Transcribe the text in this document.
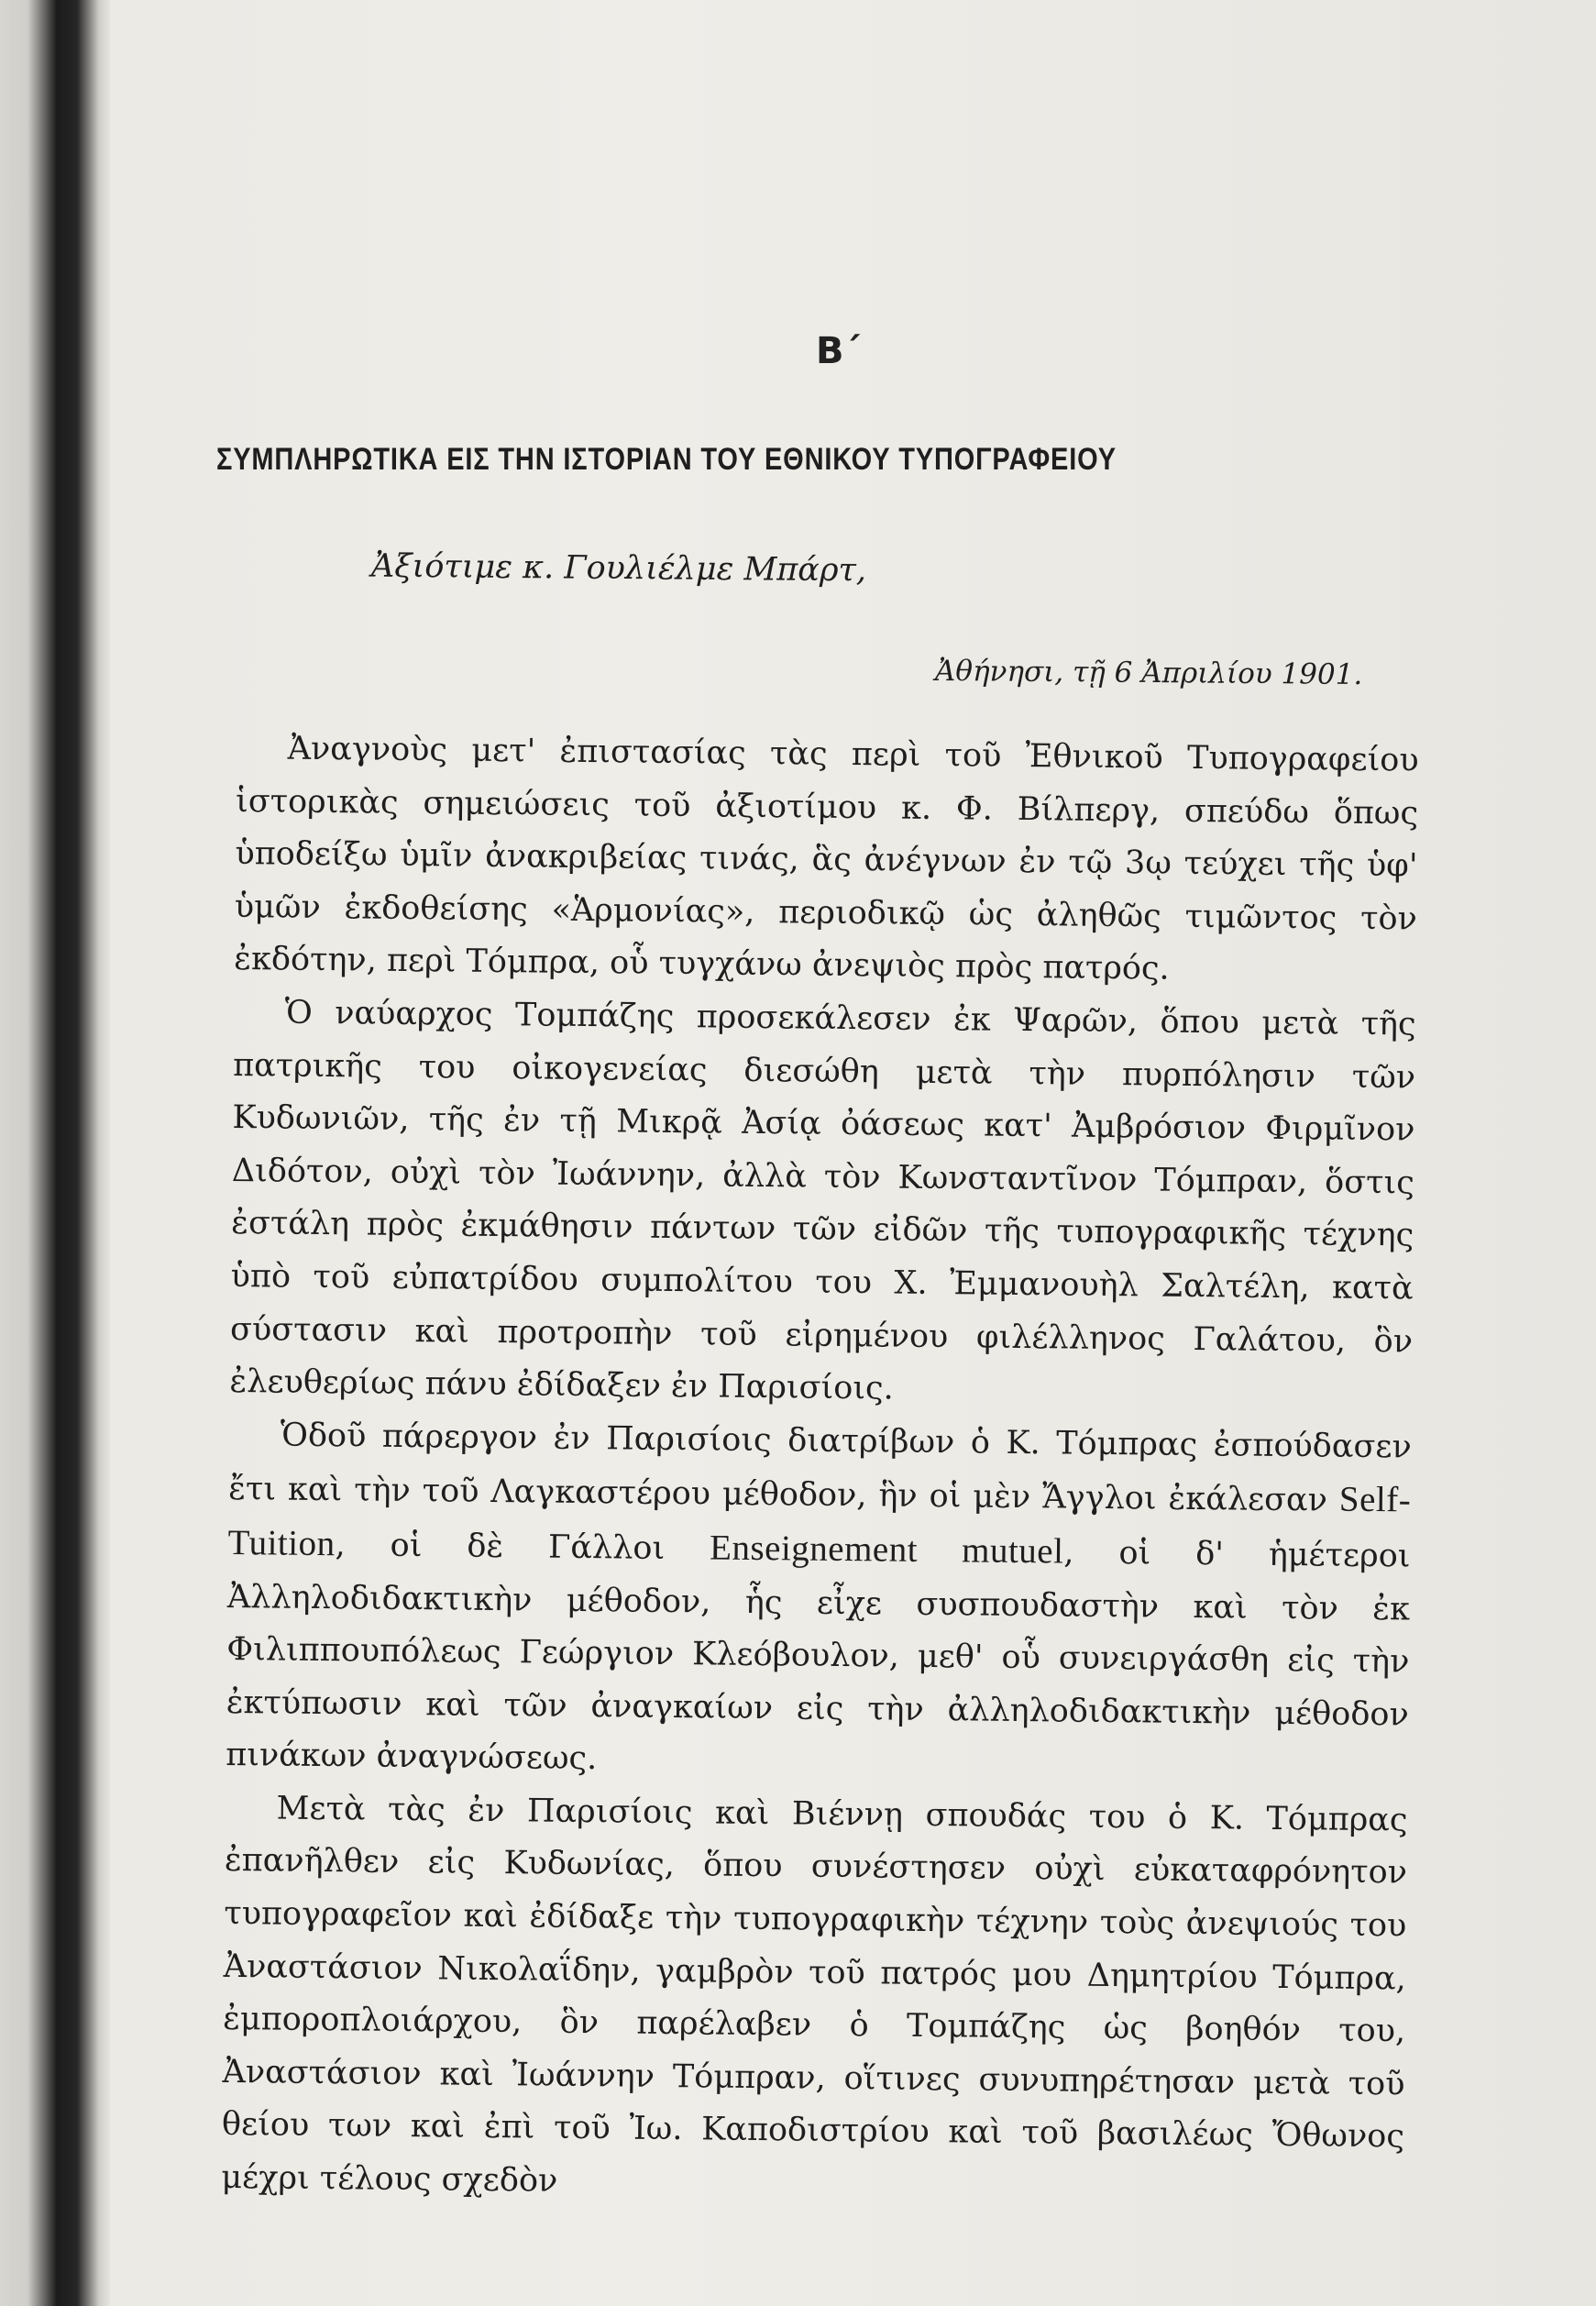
Β΄
ΣΥΜΠΛΗΡΩΤΙΚΑ ΕΙΣ ΤΗΝ ΙΣΤΟΡΙΑΝ ΤΟΥ ΕΘΝΙΚΟΥ ΤΥΠΟΓΡΑΦΕΙΟΥ
Ἀξιότιμε κ. Γουλιέλμε Μπάρτ,
Ἀθήνησι, τῇ 6 Ἀπριλίου 1901.

Ἀναγνοὺς μετ' ἐπιστασίας τὰς περὶ τοῦ Ἐθνικοῦ Τυπογραφείου ἱστορικὰς σημειώσεις τοῦ ἀξιοτίμου κ. Φ. Βίλπεργ, σπεύδω ὅπως ὑποδείξω ὑμῖν ἀνακριβείας τινάς, ἃς ἀνέγνων ἐν τῷ 3ῳ τεύχει τῆς ὑφ' ὑμῶν ἐκδοθείσης «Ἁρμονίας», περιοδικῷ ὡς ἀληθῶς τιμῶντος τὸν ἐκδότην, περὶ Τόμπρα, οὗ τυγχάνω ἀνεψιὸς πρὸς πατρός.

Ὁ ναύαρχος Τομπάζης προσεκάλεσεν ἐκ Ψαρῶν, ὅπου μετὰ τῆς πατρικῆς του οἰκογενείας διεσώθη μετὰ τὴν πυρπόλησιν τῶν Κυδωνιῶν, τῆς ἐν τῇ Μικρᾷ Ἀσίᾳ ὀάσεως κατ' Ἀμβρόσιον Φιρμῖνον Διδότον, οὐχὶ τὸν Ἰωάννην, ἀλλὰ τὸν Κωνσταντῖνον Τόμπραν, ὅστις ἐστάλη πρὸς ἐκμάθησιν πάντων τῶν εἰδῶν τῆς τυπογραφικῆς τέχνης ὑπὸ τοῦ εὐπατρίδου συμπολίτου του Χ. Ἐμμανουὴλ Σαλτέλη, κατὰ σύστασιν καὶ προτροπὴν τοῦ εἰρημένου φιλέλληνος Γαλάτου, ὃν ἐλευθερίως πάνυ ἐδίδαξεν ἐν Παρισίοις.

Ὁδοῦ πάρεργον ἐν Παρισίοις διατρίβων ὁ Κ. Τόμπρας ἐσπούδασεν ἔτι καὶ τὴν τοῦ Λαγκαστέρου μέθοδον, ἣν οἱ μὲν Ἄγγλοι ἐκάλεσαν Self-Tuition, οἱ δὲ Γάλλοι Enseignement mutuel, οἱ δ' ἡμέτεροι Ἀλληλοδιδακτικὴν μέθοδον, ἧς εἶχε συσπουδαστὴν καὶ τὸν ἐκ Φιλιππουπόλεως Γεώργιον Κλεόβουλον, μεθ' οὗ συνειργάσθη εἰς τὴν ἐκτύπωσιν καὶ τῶν ἀναγκαίων εἰς τὴν ἀλληλοδιδακτικὴν μέθοδον πινάκων ἀναγνώσεως.

Μετὰ τὰς ἐν Παρισίοις καὶ Βιέννῃ σπουδάς του ὁ Κ. Τόμπρας ἐπανῆλθεν εἰς Κυδωνίας, ὅπου συνέστησεν οὐχὶ εὐκαταφρόνητον τυπογραφεῖον καὶ ἐδίδαξε τὴν τυπογραφικὴν τέχνην τοὺς ἀνεψιούς του Ἀναστάσιον Νικολαΐδην, γαμβρὸν τοῦ πατρός μου Δημητρίου Τόμπρα, ἐμποροπλοιάρχου, ὃν παρέλαβεν ὁ Τομπάζης ὡς βοηθόν του, Ἀναστάσιον καὶ Ἰωάννην Τόμπραν, οἵτινες συνυπηρέτησαν μετὰ τοῦ θείου των καὶ ἐπὶ τοῦ Ἰω. Καποδιστρίου καὶ τοῦ βασιλέως Ὄθωνος μέχρι τέλους σχεδὸν
